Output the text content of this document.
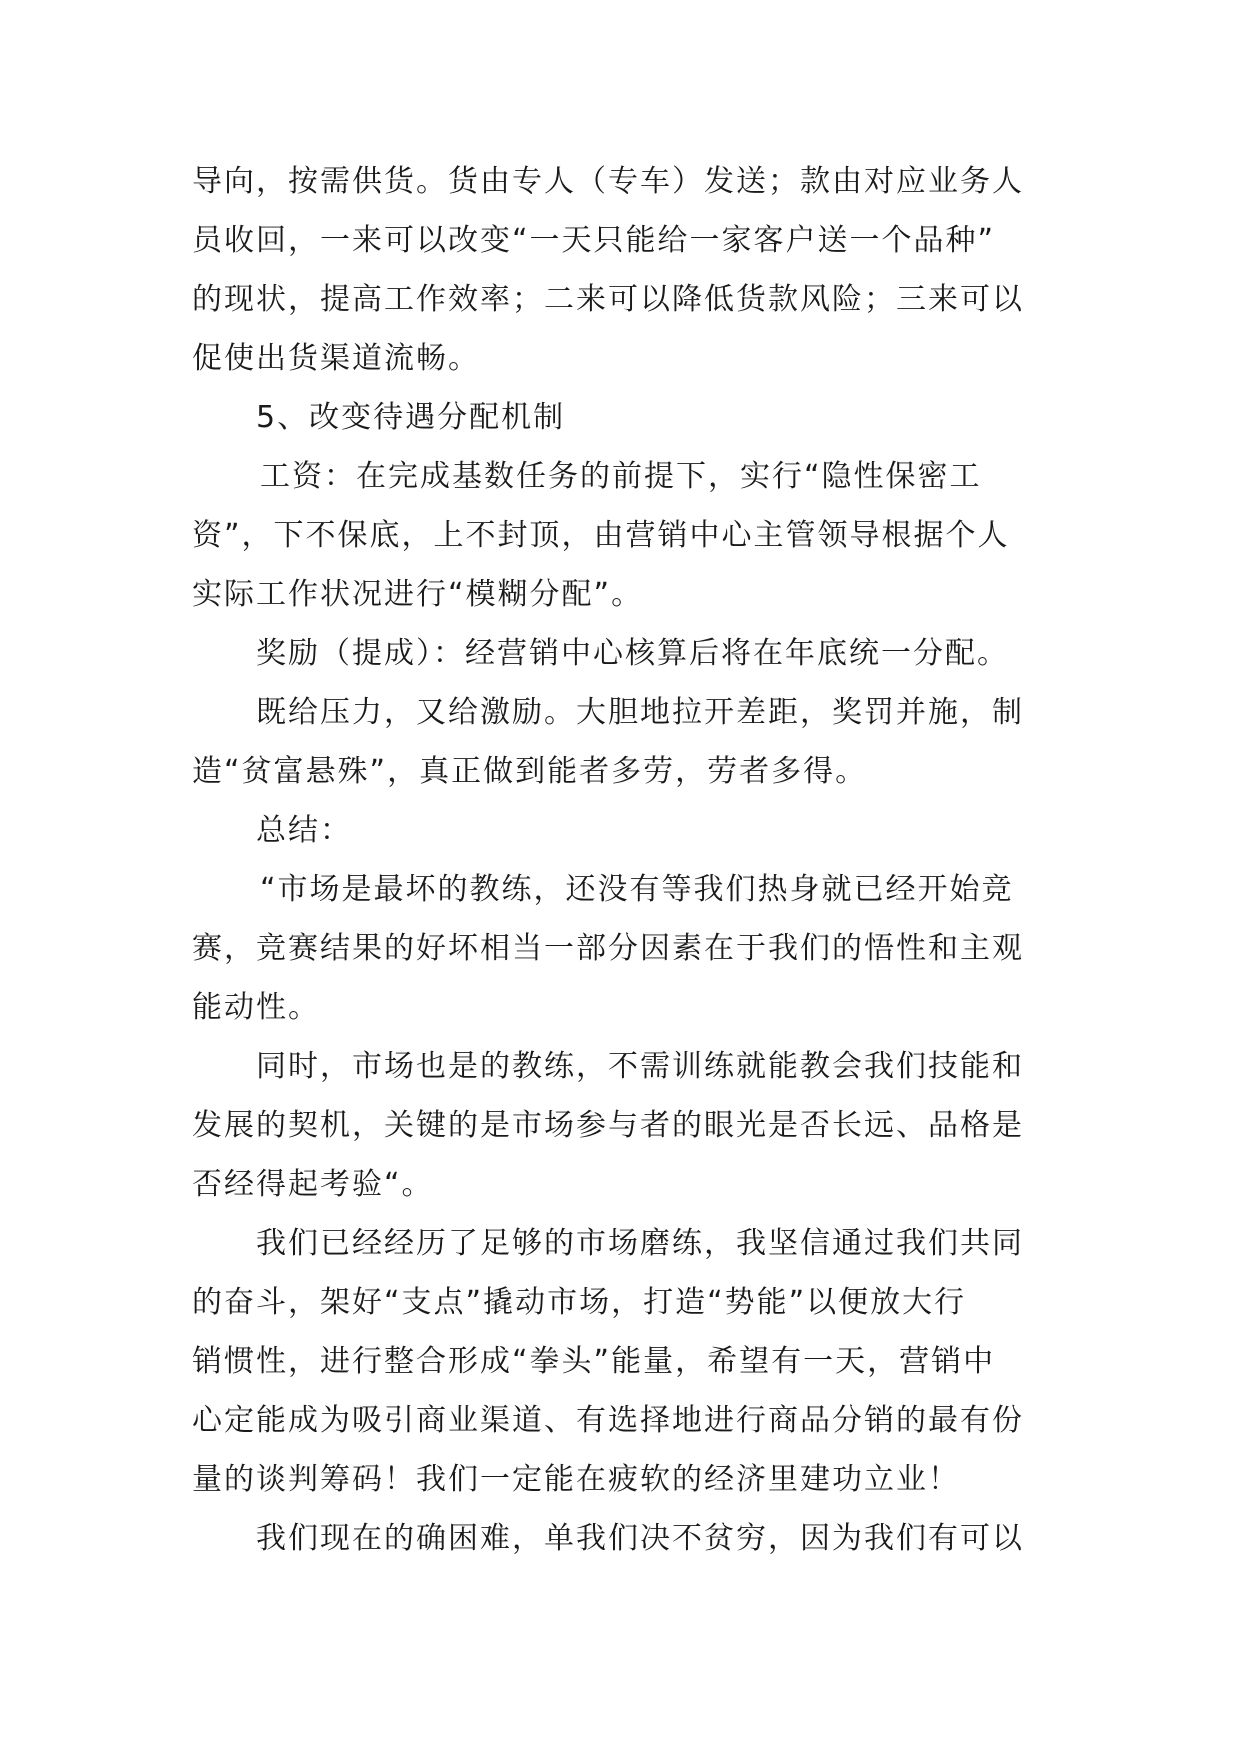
导向，按需供货。货由专人（专车）发送；款由对应业务人
员收回，一来可以改变“一天只能给一家客户送一个品种”
的现状，提高工作效率；二来可以降低货款风险；三来可以
促使出货渠道流畅。
5、改变待遇分配机制
工资：在完成基数任务的前提下，实行“隐性保密工
资”，下不保底，上不封顶，由营销中心主管领导根据个人
实际工作状况进行“模糊分配”。
奖励（提成）：经营销中心核算后将在年底统一分配。
既给压力，又给激励。大胆地拉开差距，奖罚并施，制
造“贫富悬殊”，真正做到能者多劳，劳者多得。
总结：
“市场是最坏的教练，还没有等我们热身就已经开始竞
赛，竞赛结果的好坏相当一部分因素在于我们的悟性和主观
能动性。
同时，市场也是的教练，不需训练就能教会我们技能和
发展的契机，关键的是市场参与者的眼光是否长远、品格是
否经得起考验“。
我们已经经历了足够的市场磨练，我坚信通过我们共同
的奋斗，架好“支点”撬动市场，打造“势能”以便放大行
销惯性，进行整合形成“拳头”能量，希望有一天，营销中
心定能成为吸引商业渠道、有选择地进行商品分销的最有份
量的谈判筹码！我们一定能在疲软的经济里建功立业！
我们现在的确困难，单我们决不贫穷，因为我们有可以
